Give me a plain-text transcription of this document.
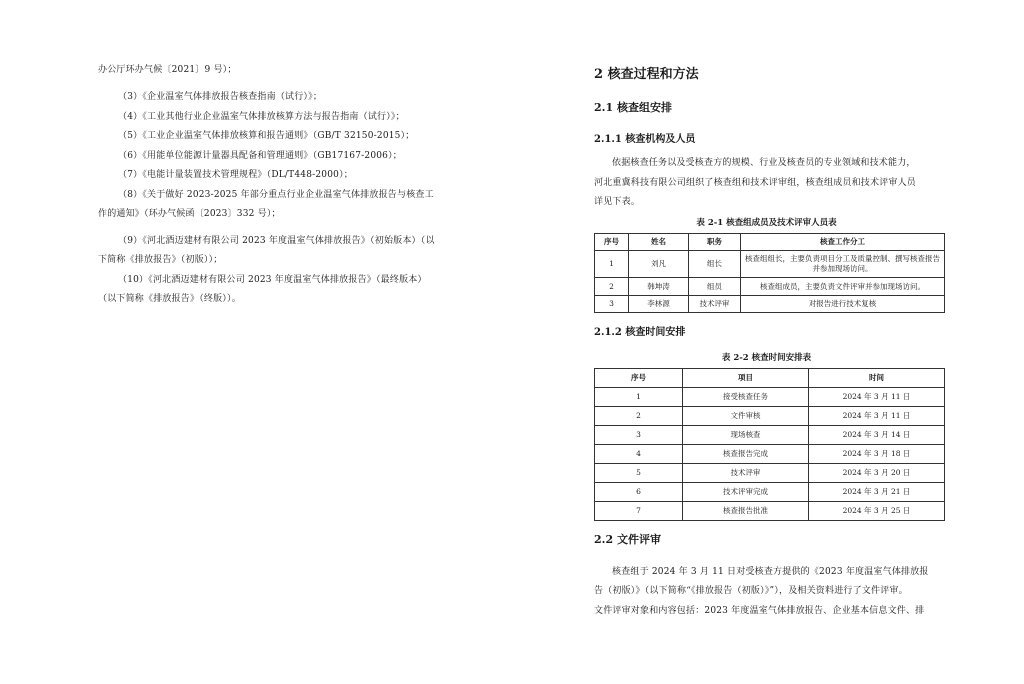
办公厅环办气候〔2021〕9 号）；
（3）《企业温室气体排放报告核查指南（试行）》；
（4）《工业其他行业企业温室气体排放核算方法与报告指南（试行）》；
（5）《工业企业温室气体排放核算和报告通则》（GB/T 32150-2015）；
（6）《用能单位能源计量器具配备和管理通则》（GB17167-2006）；
（7）《电能计量装置技术管理规程》（DL/T448-2000）；
（8）《关于做好 2023-2025 年部分重点行业企业温室气体排放报告与核查工
作的通知》（环办气候函〔2023〕332 号）；
（9）《河北酒迈建材有限公司 2023 年度温室气体排放报告》（初始版本）（以
下简称《排放报告》（初版））；
（10）《河北酒迈建材有限公司 2023 年度温室气体排放报告》（最终版本）
（以下简称《排放报告》（终版））。
2 核查过程和方法
2.1 核查组安排
2.1.1 核查机构及人员
依据核查任务以及受核查方的规模、行业及核查员的专业领域和技术能力，
河北重冀科技有限公司组织了核查组和技术评审组，核查组成员和技术评审人员
详见下表。
表 2-1 核查组成员及技术评审人员表
序号	姓名	职务	核查工作分工
1	刘凡	组长	核查组组长，主要负责项目分工及质量控制、撰写核查报告并参加现场访问。
2	韩坤涛	组员	核查组成员，主要负责文件评审并参加现场访问。
3	李林源	技术评审	对报告进行技术复核
2.1.2 核查时间安排
表 2-2 核查时间安排表
序号	项目	时间
1	接受核查任务	2024 年 3 月 11 日
2	文件审核	2024 年 3 月 11 日
3	现场核查	2024 年 3 月 14 日
4	核查报告完成	2024 年 3 月 18 日
5	技术评审	2024 年 3 月 20 日
6	技术评审完成	2024 年 3 月 21 日
7	核查报告批准	2024 年 3 月 25 日
2.2 文件评审
核查组于 2024 年 3 月 11 日对受核查方提供的《2023 年度温室气体排放报
告（初版）》（以下简称“《排放报告（初版）》”），及相关资料进行了文件评审。
文件评审对象和内容包括：2023 年度温室气体排放报告、企业基本信息文件、排
